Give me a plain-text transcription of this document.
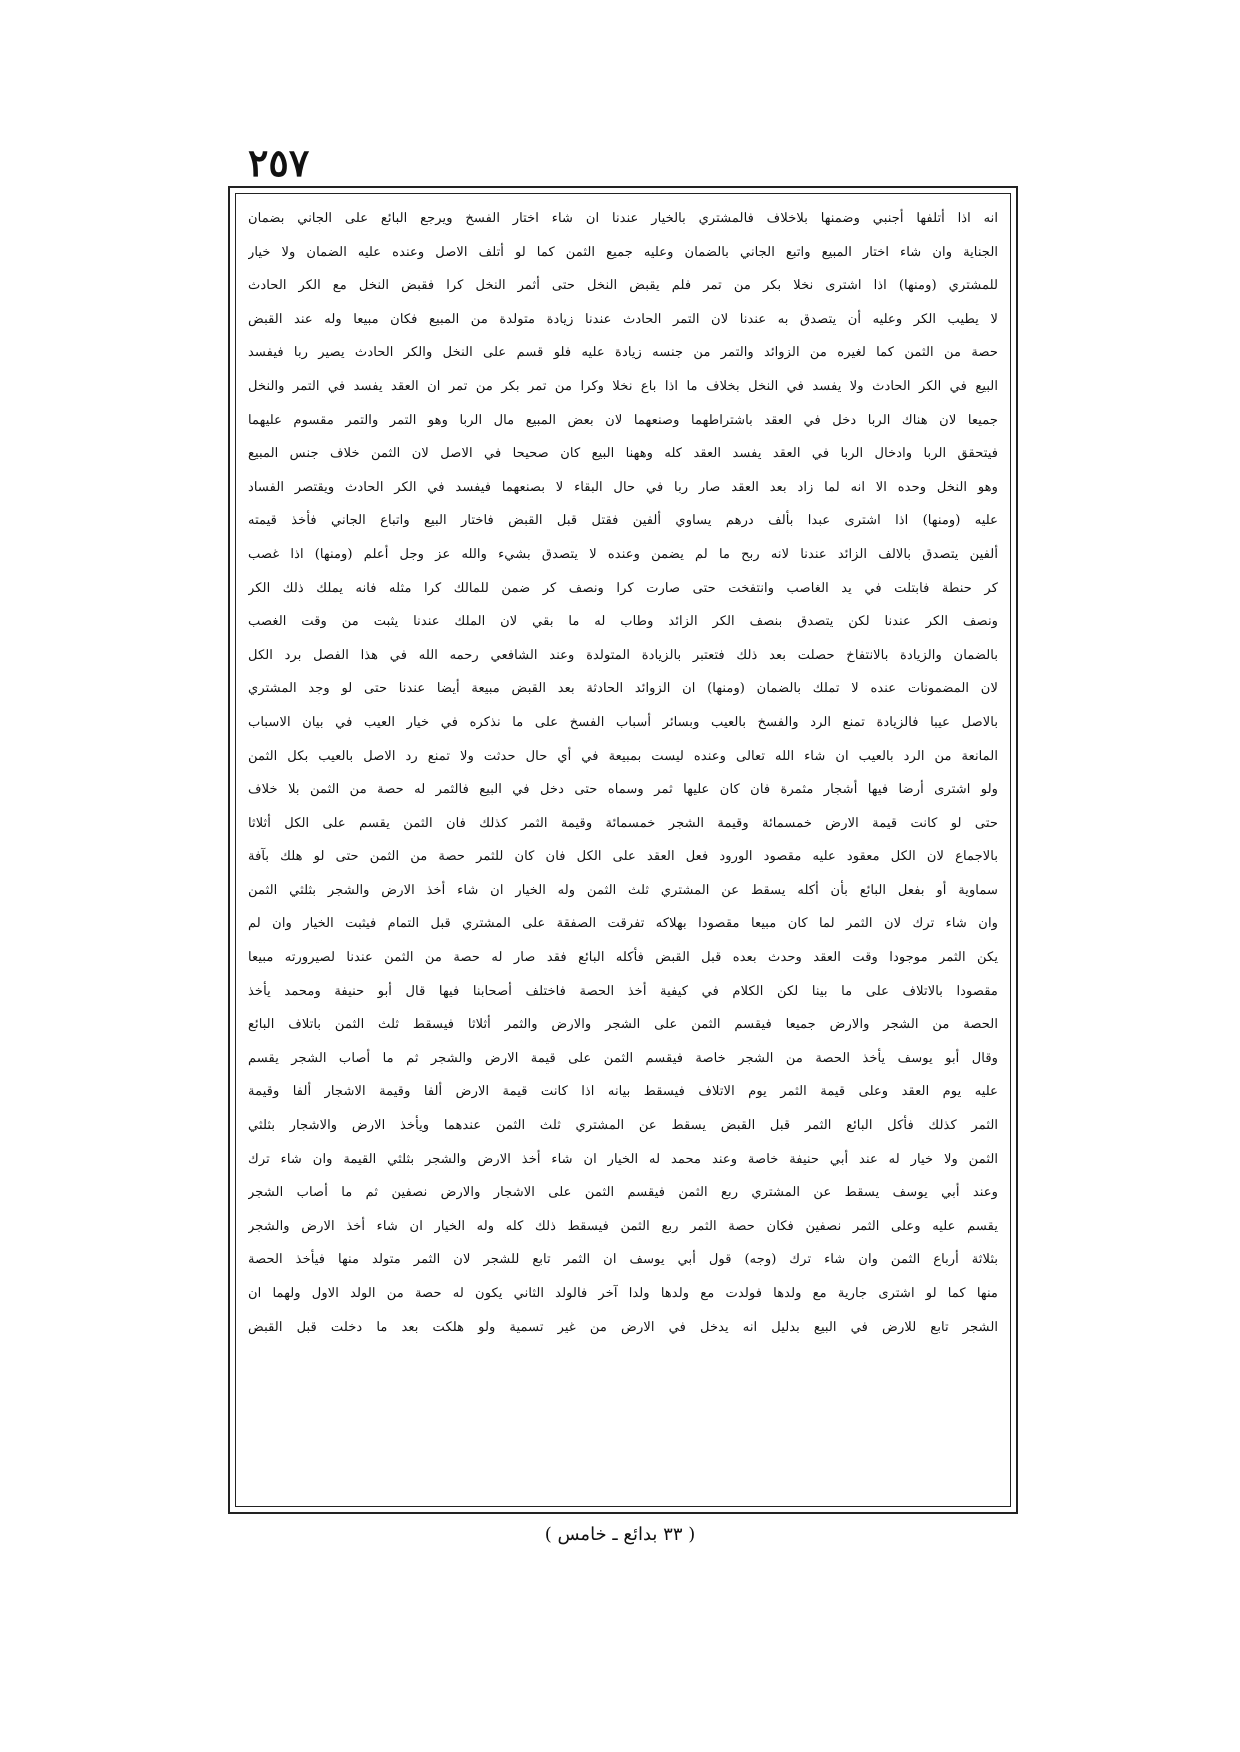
٢٥٧
انه اذا أتلفها أجنبي وضمنها بلاخلاف فالمشتري بالخيار عندنا ان شاء اختار الفسخ ويرجع البائع على الجاني بضمان
الجناية وان شاء اختار المبيع واتبع الجاني بالضمان وعليه جميع الثمن كما لو أتلف الاصل وعنده عليه الضمان ولا خيار
للمشتري (ومنها) اذا اشترى نخلا بكر من تمر فلم يقبض النخل حتى أثمر النخل كرا فقبض النخل مع الكر الحادث
لا يطيب الكر وعليه أن يتصدق به عندنا لان التمر الحادث عندنا زيادة متولدة من المبيع فكان مبيعا وله عند القبض
حصة من الثمن كما لغيره من الزوائد والتمر من جنسه زيادة عليه فلو قسم على النخل والكر الحادث يصير ربا فيفسد
البيع في الكر الحادث ولا يفسد في النخل بخلاف ما اذا باع نخلا وكرا من تمر بكر من تمر ان العقد يفسد في التمر والنخل
جميعا لان هناك الربا دخل في العقد باشتراطهما وصنعهما لان بعض المبيع مال الربا وهو التمر والتمر مقسوم عليهما
فيتحقق الربا وادخال الربا في العقد يفسد العقد كله وههنا البيع كان صحيحا في الاصل لان الثمن خلاف جنس المبيع
وهو النخل وحده الا انه لما زاد بعد العقد صار ربا في حال البقاء لا بصنعهما فيفسد في الكر الحادث ويقتصر الفساد
عليه (ومنها) اذا اشترى عبدا بألف درهم يساوي ألفين فقتل قبل القبض فاختار البيع واتباع الجاني فأخذ قيمته
ألفين يتصدق بالالف الزائد عندنا لانه ربح ما لم يضمن وعنده لا يتصدق بشيء والله عز وجل أعلم (ومنها) اذا غصب
كر حنطة فابتلت في يد الغاصب وانتفخت حتى صارت كرا ونصف كر ضمن للمالك كرا مثله فانه يملك ذلك الكر
ونصف الكر عندنا لكن يتصدق بنصف الكر الزائد وطاب له ما بقي لان الملك عندنا يثبت من وقت الغصب
بالضمان والزيادة بالانتفاخ حصلت بعد ذلك فتعتبر بالزيادة المتولدة وعند الشافعي رحمه الله في هذا الفصل برد الكل
لان المضمونات عنده لا تملك بالضمان (ومنها) ان الزوائد الحادثة بعد القبض مبيعة أيضا عندنا حتى لو وجد المشتري
بالاصل عيبا فالزيادة تمنع الرد والفسخ بالعيب وبسائر أسباب الفسخ على ما نذكره في خيار العيب في بيان الاسباب
المانعة من الرد بالعيب ان شاء الله تعالى وعنده ليست بمبيعة في أي حال حدثت ولا تمنع رد الاصل بالعيب بكل الثمن
ولو اشترى أرضا فيها أشجار مثمرة فان كان عليها ثمر وسماه حتى دخل في البيع فالثمر له حصة من الثمن بلا خلاف
حتى لو كانت قيمة الارض خمسمائة وقيمة الشجر خمسمائة وقيمة الثمر كذلك فان الثمن يقسم على الكل أثلاثا
بالاجماع لان الكل معقود عليه مقصود الورود فعل العقد على الكل فان كان للثمر حصة من الثمن حتى لو هلك بآفة
سماوية أو بفعل البائع بأن أكله يسقط عن المشتري ثلث الثمن وله الخيار ان شاء أخذ الارض والشجر بثلثي الثمن
وان شاء ترك لان الثمر لما كان مبيعا مقصودا بهلاكه تفرقت الصفقة على المشتري قبل التمام فيثبت الخيار وان لم
يكن الثمر موجودا وقت العقد وحدث بعده قبل القبض فأكله البائع فقد صار له حصة من الثمن عندنا لصيرورته مبيعا
مقصودا بالاتلاف على ما بينا لكن الكلام في كيفية أخذ الحصة فاختلف أصحابنا فيها قال أبو حنيفة ومحمد يأخذ
الحصة من الشجر والارض جميعا فيقسم الثمن على الشجر والارض والثمر أثلاثا فيسقط ثلث الثمن باتلاف البائع
وقال أبو يوسف يأخذ الحصة من الشجر خاصة فيقسم الثمن على قيمة الارض والشجر ثم ما أصاب الشجر يقسم
عليه يوم العقد وعلى قيمة الثمر يوم الاتلاف فيسقط بيانه اذا كانت قيمة الارض ألفا وقيمة الاشجار ألفا وقيمة
الثمر كذلك فأكل البائع الثمر قبل القبض يسقط عن المشتري ثلث الثمن عندهما ويأخذ الارض والاشجار بثلثي
الثمن ولا خيار له عند أبي حنيفة خاصة وعند محمد له الخيار ان شاء أخذ الارض والشجر بثلثي القيمة وان شاء ترك
وعند أبي يوسف يسقط عن المشتري ربع الثمن فيقسم الثمن على الاشجار والارض نصفين ثم ما أصاب الشجر
يقسم عليه وعلى الثمر نصفين فكان حصة الثمر ربع الثمن فيسقط ذلك كله وله الخيار ان شاء أخذ الارض والشجر
بثلاثة أرباع الثمن وان شاء ترك (وجه) قول أبي يوسف ان الثمر تابع للشجر لان الثمر متولد منها فيأخذ الحصة
منها كما لو اشترى جارية مع ولدها فولدت مع ولدها ولدا آخر فالولد الثاني يكون له حصة من الولد الاول ولهما ان
الشجر تابع للارض في البيع بدليل انه يدخل في الارض من غير تسمية ولو هلكت بعد ما دخلت قبل القبض
( ٣٣ بدائع ـ خامس )
